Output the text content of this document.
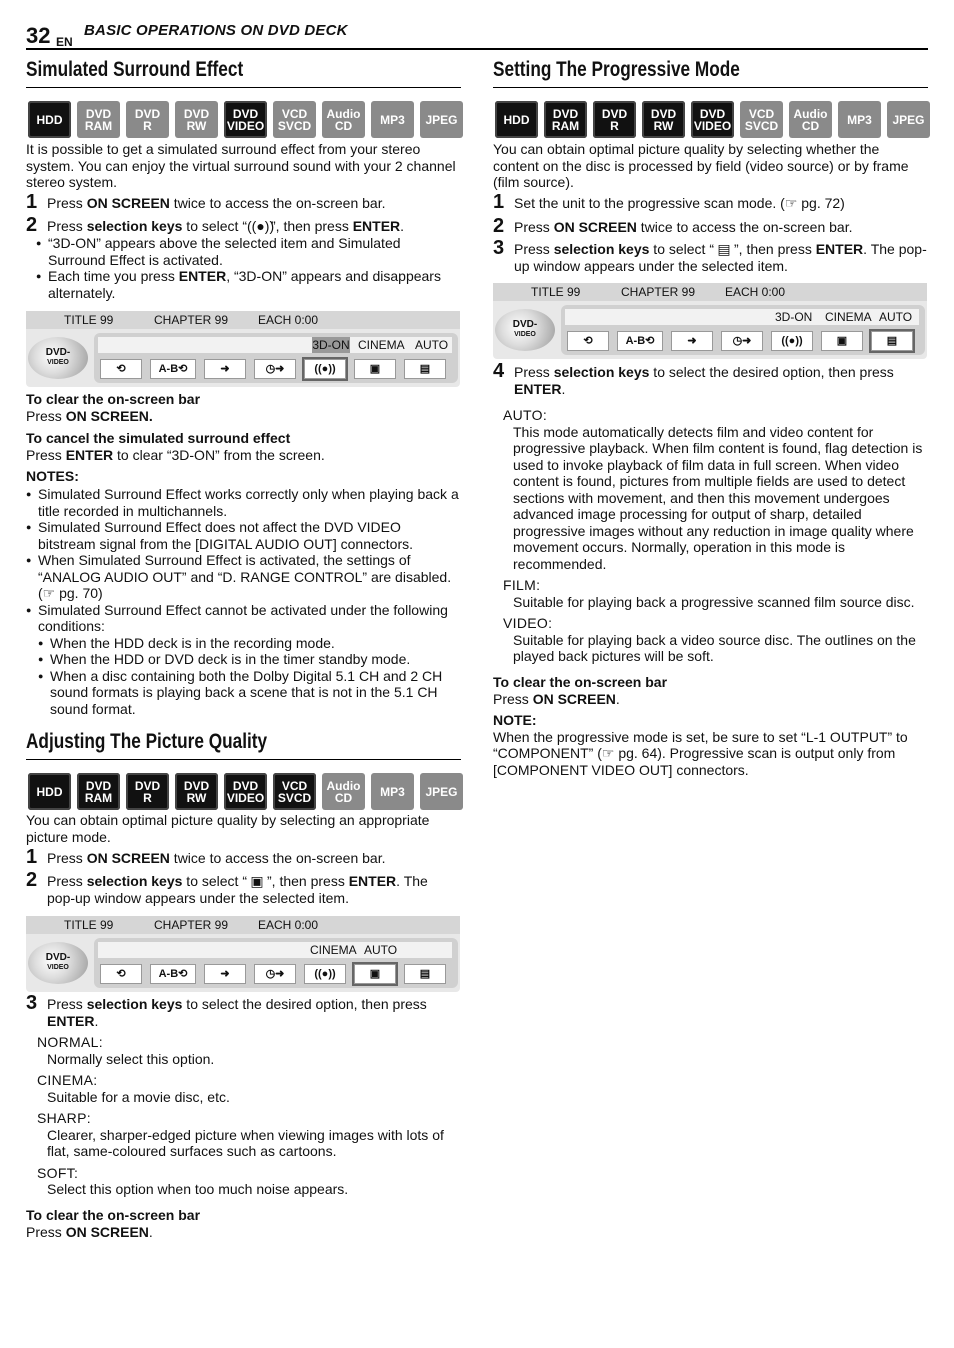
32 EN
BASIC OPERATIONS ON DVD DECK
Simulated Surround Effect
HDD DVD
RAM
DVD
R
DVD
RW
DVD
VIDEO
VCD
SVCD
Audio
CD MP3 JPEG
It is possible to get a simulated surround effect from your stereo system. You can enjoy the virtual surround sound with your 2 channel stereo system.
1 Press ON SCREEN twice to access the on-screen bar.
2 Press selection keys to select “((●))”, then press ENTER.
● “3D-ON” appears above the selected item and Simulated Surround Effect is activated.
● Each time you press ENTER, “3D-ON” appears and disappears alternately.
TITLE 99	CHAPTER 99	EACH 0:00
DVD-
VIDEO
3D-ON CINEMA AUTO
⟲	A-B ⟲	➜	◷➜	((●))	▣	▤
To clear the on-screen bar
Press ON SCREEN.
To cancel the simulated surround effect
Press ENTER to clear “3D-ON” from the screen.
NOTES:
● Simulated Surround Effect works correctly only when playing back a title recorded in multichannels.
● Simulated Surround Effect does not affect the DVD VIDEO bitstream signal from the [DIGITAL AUDIO OUT] connectors.
● When Simulated Surround Effect is activated, the settings of “ANALOG AUDIO OUT” and “D. RANGE CONTROL” are disabled. (☞ pg. 70)
● Simulated Surround Effect cannot be activated under the following conditions:
● When the HDD deck is in the recording mode.
● When the HDD or DVD deck is in the timer standby mode.
● When a disc containing both the Dolby Digital 5.1 CH and 2 CH sound formats is playing back a scene that is not in the 5.1 CH sound format.
Adjusting The Picture Quality
HDD DVD
RAM
DVD
R
DVD
RW
DVD
VIDEO
VCD
SVCD
Audio
CD MP3 JPEG
You can obtain optimal picture quality by selecting an appropriate picture mode.
1 Press ON SCREEN twice to access the on-screen bar.
2 Press selection keys to select “ ▣ ”, then press ENTER. The pop-up window appears under the selected item.
TITLE 99	CHAPTER 99	EACH 0:00
DVD-
VIDEO
CINEMA AUTO
⟲	A-B ⟲	➜	◷➜	((●))	▣	▤
3 Press selection keys to select the desired option, then press ENTER.
NORMAL:
Normally select this option.
CINEMA:
Suitable for a movie disc, etc.
SHARP:
Clearer, sharper-edged picture when viewing images with lots of flat, same-coloured surfaces such as cartoons.
SOFT:
Select this option when too much noise appears.
To clear the on-screen bar
Press ON SCREEN.
Setting The Progressive Mode
HDD DVD
RAM
DVD
R
DVD
RW
DVD
VIDEO
VCD
SVCD
Audio
CD MP3 JPEG
You can obtain optimal picture quality by selecting whether the content on the disc is processed by field (video source) or by frame (film source).
1 Set the unit to the progressive scan mode. (☞ pg. 72)
2 Press ON SCREEN twice to access the on-screen bar.
3 Press selection keys to select “ ▤ ”, then press ENTER. The pop-up window appears under the selected item.
TITLE 99	CHAPTER 99	EACH 0:00
DVD-
VIDEO
3D-ON CINEMA AUTO
⟲	A-B ⟲	➜	◷➜	((●))	▣	▤
4 Press selection keys to select the desired option, then press ENTER.
AUTO:
This mode automatically detects film and video content for progressive playback. When film content is found, flag detection is used to invoke playback of film data in full screen. When video content is found, pictures from multiple fields are used to detect sections with movement, and then this movement undergoes advanced image processing for output of sharp, detailed progressive images without any reduction in image quality where movement occurs. Normally, operation in this mode is recommended.
FILM:
Suitable for playing back a progressive scanned film source disc.
VIDEO:
Suitable for playing back a video source disc. The outlines on the played back pictures will be soft.
To clear the on-screen bar
Press ON SCREEN.
NOTE:
When the progressive mode is set, be sure to set “L-1 OUTPUT” to “COMPONENT” (☞ pg. 64). Progressive scan is output only from [COMPONENT VIDEO OUT] connectors.
